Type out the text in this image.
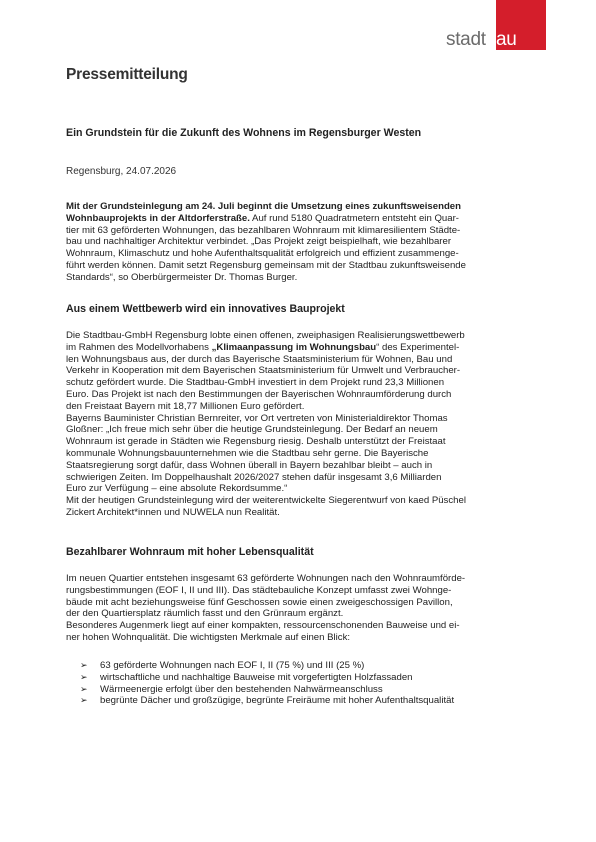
stadtbau
Pressemitteilung
Ein Grundstein für die Zukunft des Wohnens im Regensburger Westen
Regensburg, 24.07.2026
Mit der Grundsteinlegung am 24. Juli beginnt die Umsetzung eines zukunftsweisenden
Wohnbauprojekts in der Altdorferstraße. Auf rund 5180 Quadratmetern entsteht ein Quar-
tier mit 63 geförderten Wohnungen, das bezahlbaren Wohnraum mit klimaresilientem Städte-
bau und nachhaltiger Architektur verbindet. „Das Projekt zeigt beispielhaft, wie bezahlbarer
Wohnraum, Klimaschutz und hohe Aufenthaltsqualität erfolgreich und effizient zusammenge-
führt werden können. Damit setzt Regensburg gemeinsam mit der Stadtbau zukunftsweisende
Standards“, so Oberbürgermeister Dr. Thomas Burger.
Aus einem Wettbewerb wird ein innovatives Bauprojekt
Die Stadtbau-GmbH Regensburg lobte einen offenen, zweiphasigen Realisierungswettbewerb
im Rahmen des Modellvorhabens „Klimaanpassung im Wohnungsbau“ des Experimentel-
len Wohnungsbaus aus, der durch das Bayerische Staatsministerium für Wohnen, Bau und
Verkehr in Kooperation mit dem Bayerischen Staatsministerium für Umwelt und Verbraucher-
schutz gefördert wurde. Die Stadtbau-GmbH investiert in dem Projekt rund 23,3 Millionen
Euro. Das Projekt ist nach den Bestimmungen der Bayerischen Wohnraumförderung durch
den Freistaat Bayern mit 18,77 Millionen Euro gefördert.
Bayerns Bauminister Christian Bernreiter, vor Ort vertreten von Ministerialdirektor Thomas
Gloßner: „Ich freue mich sehr über die heutige Grundsteinlegung. Der Bedarf an neuem
Wohnraum ist gerade in Städten wie Regensburg riesig. Deshalb unterstützt der Freistaat
kommunale Wohnungsbauunternehmen wie die Stadtbau sehr gerne. Die Bayerische
Staatsregierung sorgt dafür, dass Wohnen überall in Bayern bezahlbar bleibt – auch in
schwierigen Zeiten. Im Doppelhaushalt 2026/2027 stehen dafür insgesamt 3,6 Milliarden
Euro zur Verfügung – eine absolute Rekordsumme.“
Mit der heutigen Grundsteinlegung wird der weiterentwickelte Siegerentwurf von kaed Püschel
Zickert Architekt*innen und NUWELA nun Realität.
Bezahlbarer Wohnraum mit hoher Lebensqualität
Im neuen Quartier entstehen insgesamt 63 geförderte Wohnungen nach den Wohnraumförde-
rungsbestimmungen (EOF I, II und III). Das städtebauliche Konzept umfasst zwei Wohnge-
bäude mit acht beziehungsweise fünf Geschossen sowie einen zweigeschossigen Pavillon,
der den Quartiersplatz räumlich fasst und den Grünraum ergänzt.
Besonderes Augenmerk liegt auf einer kompakten, ressourcenschonenden Bauweise und ei-
ner hohen Wohnqualität. Die wichtigsten Merkmale auf einen Blick:
➢ 63 geförderte Wohnungen nach EOF I, II (75 %) und III (25 %)
➢ wirtschaftliche und nachhaltige Bauweise mit vorgefertigten Holzfassaden
➢ Wärmeenergie erfolgt über den bestehenden Nahwärmeanschluss
➢ begrünte Dächer und großzügige, begrünte Freiräume mit hoher Aufenthaltsqualität
